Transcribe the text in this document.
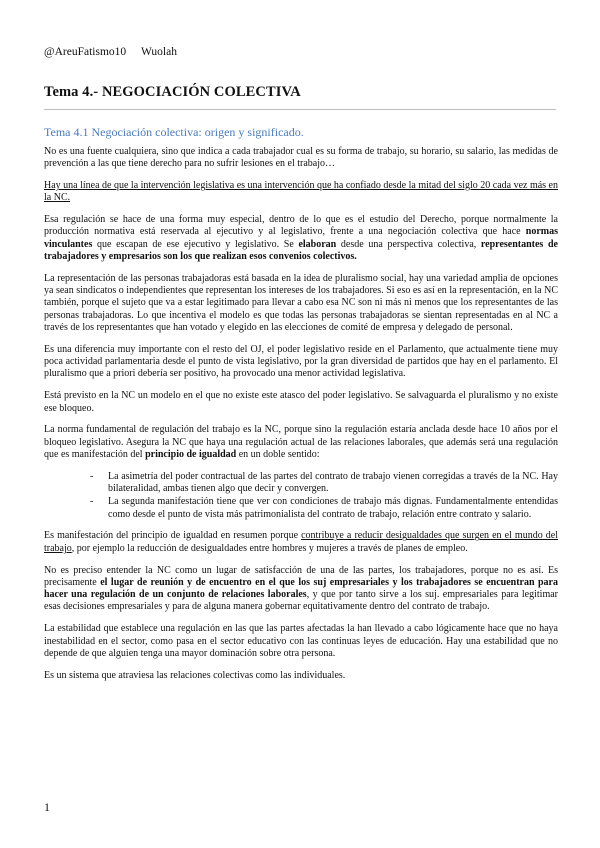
@AreuFatismo10 Wuolah
Tema 4.- NEGOCIACIÓN COLECTIVA
Tema 4.1 Negociación colectiva: origen y significado.

No es una fuente cualquiera, sino que indica a cada trabajador cual es su forma de trabajo, su horario, su salario, las medidas de prevención a las que tiene derecho para no sufrir lesiones en el trabajo…

Hay una línea de que la intervención legislativa es una intervención que ha confiado desde la mitad del siglo 20 cada vez más en la NC.

Esa regulación se hace de una forma muy especial, dentro de lo que es el estudio del Derecho, porque normalmente la producción normativa está reservada al ejecutivo y al legislativo, frente a una negociación colectiva que hace normas vinculantes que escapan de ese ejecutivo y legislativo. Se elaboran desde una perspectiva colectiva, representantes de trabajadores y empresarios son los que realizan esos convenios colectivos.

La representación de las personas trabajadoras está basada en la idea de pluralismo social, hay una variedad amplia de opciones ya sean sindicatos o independientes que representan los intereses de los trabajadores. Si eso es así en la representación, en la NC también, porque el sujeto que va a estar legitimado para llevar a cabo esa NC son ni más ni menos que los representantes de las personas trabajadoras. Lo que incentiva el modelo es que todas las personas trabajadoras se sientan representadas en al NC a través de los representantes que han votado y elegido en las elecciones de comité de empresa y delegado de personal.

Es una diferencia muy importante con el resto del OJ, el poder legislativo reside en el Parlamento, que actualmente tiene muy poca actividad parlamentaria desde el punto de vista legislativo, por la gran diversidad de partidos que hay en el parlamento. El pluralismo que a priori debería ser positivo, ha provocado una menor actividad legislativa.

Está previsto en la NC un modelo en el que no existe este atasco del poder legislativo. Se salvaguarda el pluralismo y no existe ese bloqueo.

La norma fundamental de regulación del trabajo es la NC, porque sino la regulación estaría anclada desde hace 10 años por el bloqueo legislativo. Asegura la NC que haya una regulación actual de las relaciones laborales, que además será una regulación que es manifestación del principio de igualdad en un doble sentido:

- La asimetría del poder contractual de las partes del contrato de trabajo vienen corregidas a través de la NC. Hay bilateralidad, ambas tienen algo que decir y convergen.
- La segunda manifestación tiene que ver con condiciones de trabajo más dignas. Fundamentalmente entendidas como desde el punto de vista más patrimonialista del contrato de trabajo, relación entre contrato y salario.

Es manifestación del principio de igualdad en resumen porque contribuye a reducir desigualdades que surgen en el mundo del trabajo, por ejemplo la reducción de desigualdades entre hombres y mujeres a través de planes de empleo.

No es preciso entender la NC como un lugar de satisfacción de una de las partes, los trabajadores, porque no es así. Es precisamente el lugar de reunión y de encuentro en el que los suj empresariales y los trabajadores se encuentran para hacer una regulación de un conjunto de relaciones laborales, y que por tanto sirve a los suj. empresariales para legitimar esas decisiones empresariales y para de alguna manera gobernar equitativamente dentro del contrato de trabajo.

La estabilidad que establece una regulación en las que las partes afectadas la han llevado a cabo lógicamente hace que no haya inestabilidad en el sector, como pasa en el sector educativo con las continuas leyes de educación. Hay una estabilidad que no depende de que alguien tenga una mayor dominación sobre otra persona.

Es un sistema que atraviesa las relaciones colectivas como las individuales.

1
